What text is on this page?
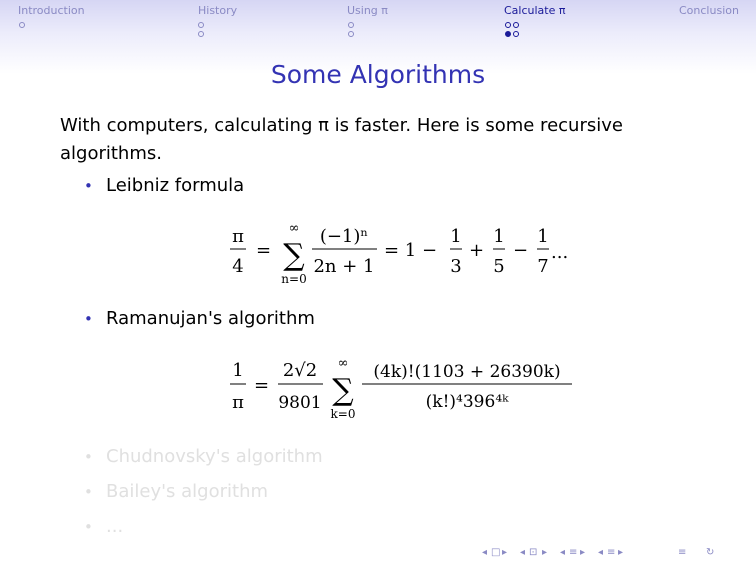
Introduction	History	Using π	Calculate π	Conclusion
Some Algorithms
With computers, calculating π is faster. Here is some recursive algorithms.
• Leibniz formula
π
4
=
∞
∑
n=0
(−1)ⁿ
2n + 1
= 1 −
1
3
+
1
5
−
1
7
...
1
π
=
2√2
9801
∞
∑
k=0
(4k)!(1103 + 26390k)
(k!)⁴396⁴ᵏ
• Ramanujan's algorithm
• Chudnovsky's algorithm
• Bailey's algorithm
• ...
◂ □ ▸ ◂ ⊡ ▸ ◂ ≡ ▸ ◂ ≡ ▸	≡ ↻
